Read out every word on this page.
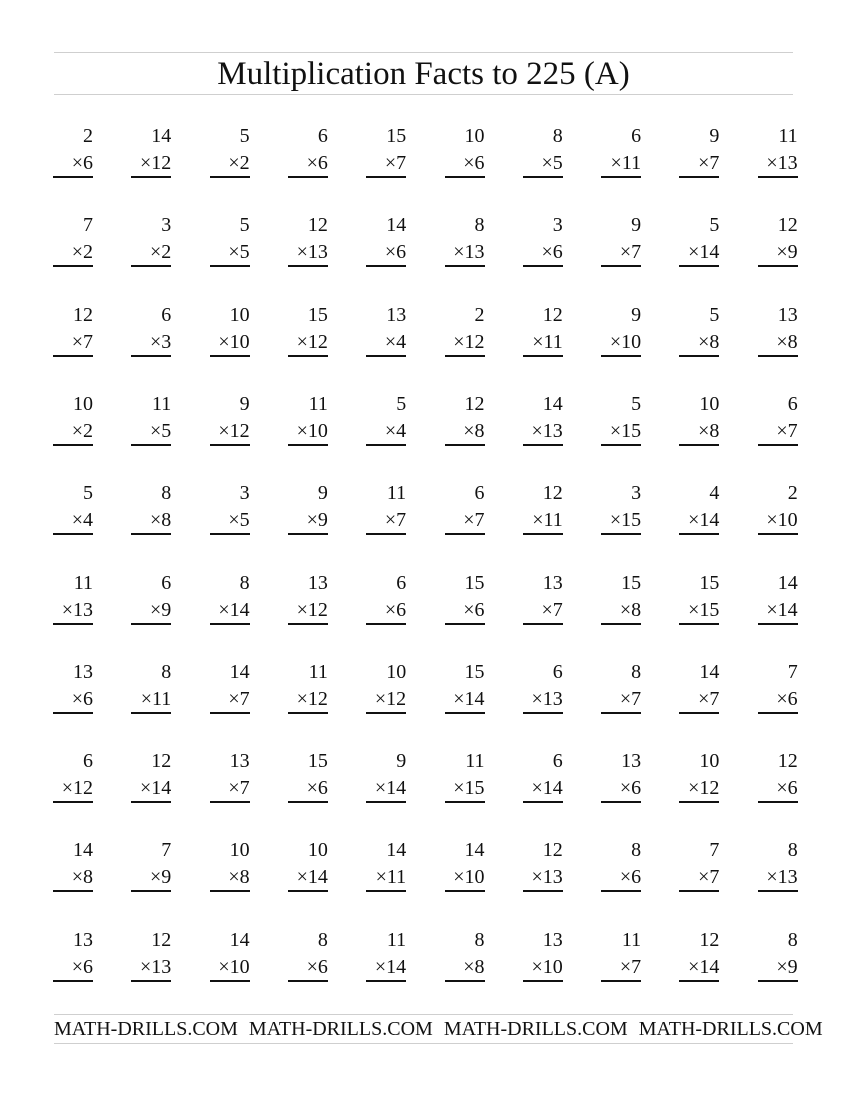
Multiplication Facts to 225 (A)
2
×6
14
×12
5
×2
6
×6
15
×7
10
×6
8
×5
6
×11
9
×7
11
×13
7
×2
3
×2
5
×5
12
×13
14
×6
8
×13
3
×6
9
×7
5
×14
12
×9
12
×7
6
×3
10
×10
15
×12
13
×4
2
×12
12
×11
9
×10
5
×8
13
×8
10
×2
11
×5
9
×12
11
×10
5
×4
12
×8
14
×13
5
×15
10
×8
6
×7
5
×4
8
×8
3
×5
9
×9
11
×7
6
×7
12
×11
3
×15
4
×14
2
×10
11
×13
6
×9
8
×14
13
×12
6
×6
15
×6
13
×7
15
×8
15
×15
14
×14
13
×6
8
×11
14
×7
11
×12
10
×12
15
×14
6
×13
8
×7
14
×7
7
×6
6
×12
12
×14
13
×7
15
×6
9
×14
11
×15
6
×14
13
×6
10
×12
12
×6
14
×8
7
×9
10
×8
10
×14
14
×11
14
×10
12
×13
8
×6
7
×7
8
×13
13
×6
12
×13
14
×10
8
×6
11
×14
8
×8
13
×10
11
×7
12
×14
8
×9
MATH-DRILLS.COM MATH-DRILLS.COM MATH-DRILLS.COM MATH-DRILLS.COM
